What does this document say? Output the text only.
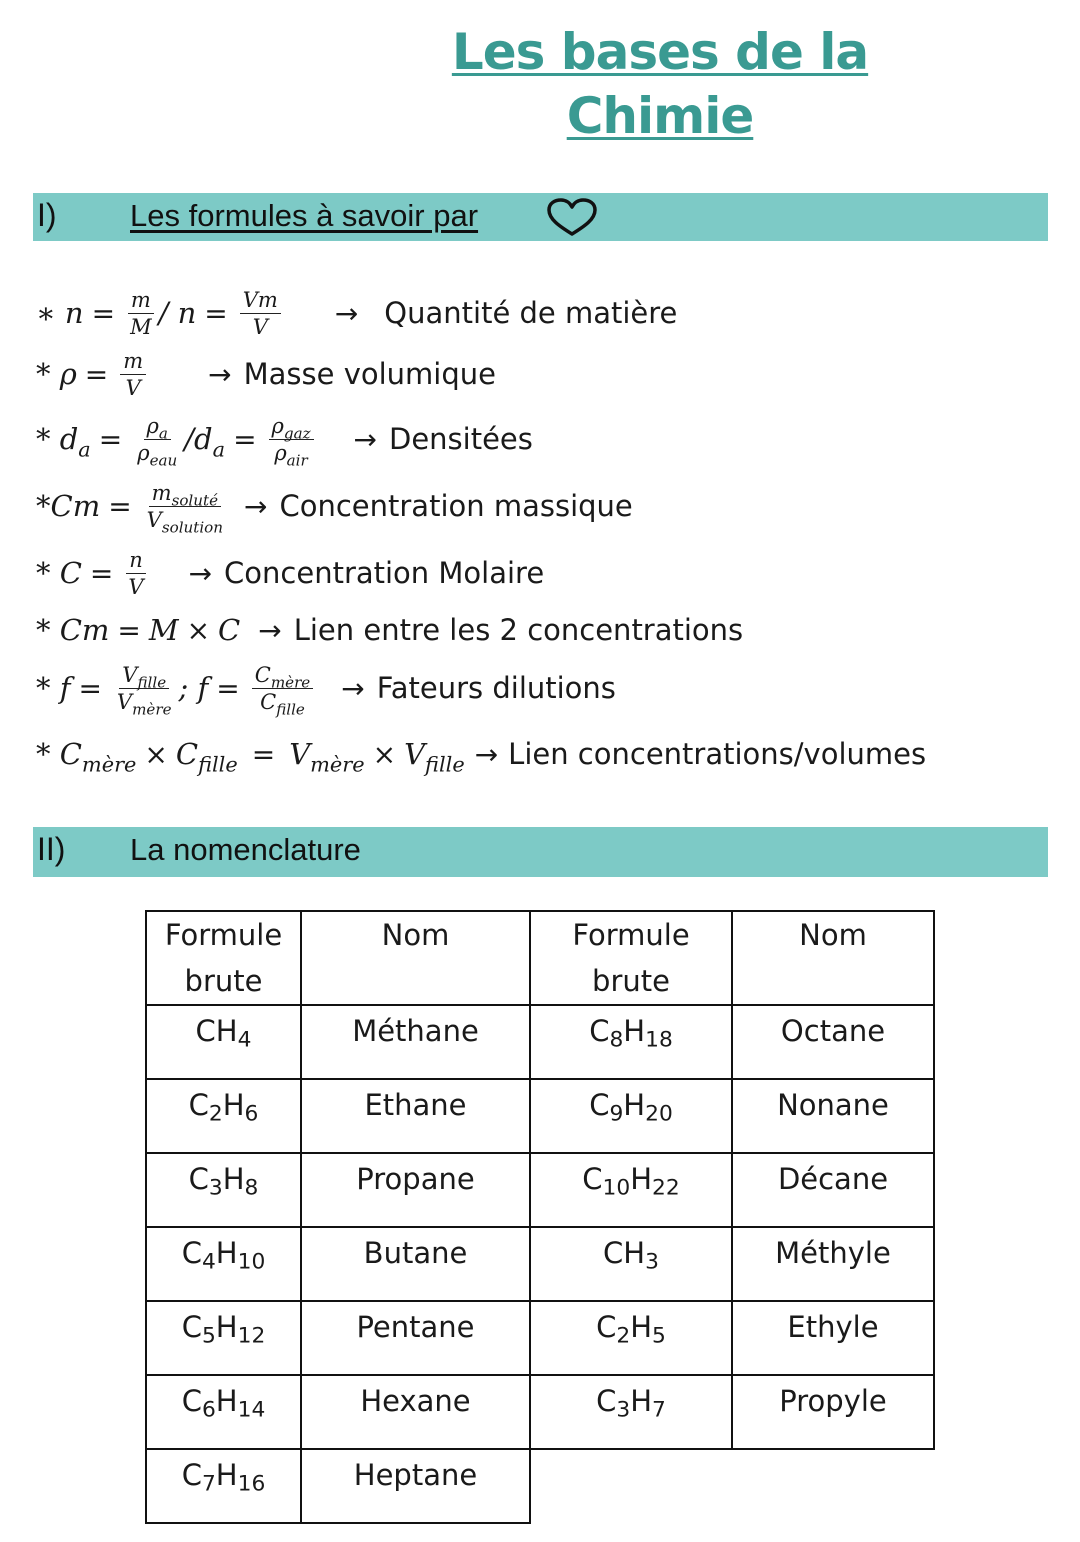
Les bases de la
Chimie
I) Les formules à savoir par
∗ $n = \frac{m}{M} / n = \frac{Vm}{V}$ → Quantité de matière
* $\rho = \frac{m}{V}$ → Masse volumique
* $d_a = \rho_a$
$\rho_{eau}$
$/d_a = \rho_{gaz}$
$\rho_{air}$
→ Densitées
$*Cm = m_{soluté}$
$V_{solution}$
→ Concentration massique
* $C = \frac{n}{V}$ → Concentration Molaire
* Cm = M × C → Lien entre les 2 concentrations
* $f = V_{fille}$
$V_{mère}$
; $f = C_{mère}$
$C_{fille}$
→ Fateurs dilutions
* $C_{mère} \times C_{fille} = V_{mère} \times V_{fille}$ → Lien concentrations/volumes
II) La nomenclature
Formule brute	Nom	Formule brute	Nom
$CH_4$	Méthane	$C_8H_{18}$	Octane
$C_2H_6$	Ethane	$C_9H_{20}$	Nonane
$C_3H_8$	Propane	$C_{10}H_{22}$	Décane
$C_4H_{10}$	Butane	$CH_3$	Méthyle
$C_5H_{12}$	Pentane	$C_2H_5$	Ethyle
$C_6H_{14}$	Hexane	$C_3H_7$	Propyle
$C_7H_{16}$	Heptane		
